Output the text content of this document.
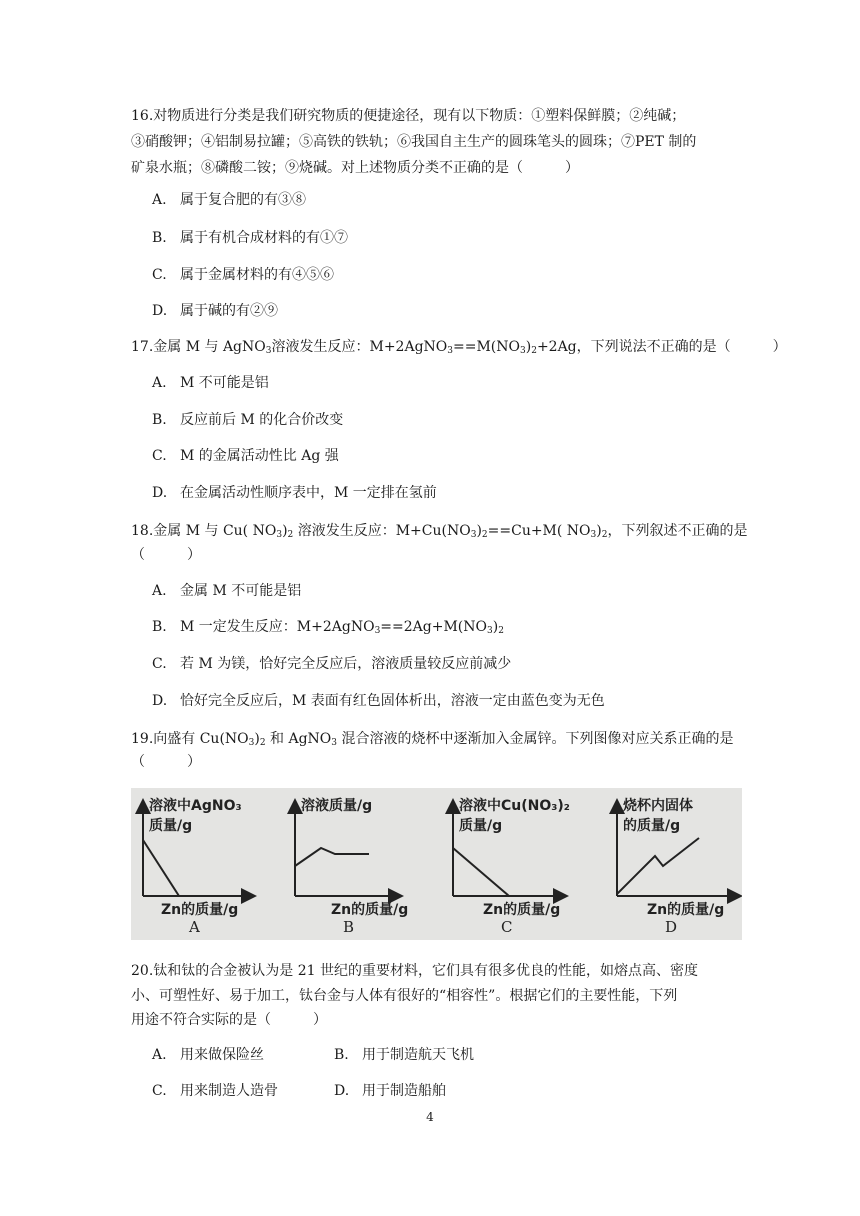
16.对物质进行分类是我们研究物质的便捷途径，现有以下物质：①塑料保鲜膜；②纯碱；
③硝酸钾；④铝制易拉罐；⑤高铁的铁轨；⑥我国自主生产的圆珠笔头的圆珠；⑦PET 制的
矿泉水瓶；⑧磷酸二铵；⑨烧碱。对上述物质分类不正确的是（　　　）
A. 属于复合肥的有③⑧
B. 属于有机合成材料的有①⑦
C. 属于金属材料的有④⑤⑥
D. 属于碱的有②⑨
17.金属 M 与 AgNO$_3$溶液发生反应：$M+2AgNO_3==M(NO_3)_2+2Ag$，下列说法不正确的是（　　　）
A. M 不可能是铝
B. 反应前后 M 的化合价改变
C. M 的金属活动性比 Ag 强
D. 在金属活动性顺序表中，M 一定排在氢前
18.金属 M 与 Cu( $NO_3)_2$ 溶液发生反应：$M+Cu(NO_3)_2==Cu+M$( $NO_3)_2$，下列叙述不正确的是
（　　　）
A. 金属 M 不可能是铝
B. M 一定发生反应：$M+2AgNO_3==2Ag+M(NO_3)_2$
C. 若 M 为镁，恰好完全反应后，溶液质量较反应前减少
D. 恰好完全反应后，M 表面有红色固体析出，溶液一定由蓝色变为无色
19.向盛有 $Cu(NO_3)_2$ 和 AgNO$_3$ 混合溶液的烧杯中逐渐加入金属锌。下列图像对应关系正确的是
（　　　）
溶液中AgNO₃
质量/g
Zn的质量/g
A
溶液质量/g
Zn的质量/g
B
溶液中Cu(NO₃)₂
质量/g
Zn的质量/g
C
烧杯内固体
的质量/g
Zn的质量/g
D
20.钛和钛的合金被认为是 21 世纪的重要材料，它们具有很多优良的性能，如熔点高、密度
小、可塑性好、易于加工，钛台金与人体有很好的“相容性”。根据它们的主要性能，下列
用途不符合实际的是（　　　）
A. 用来做保险丝	B. 用于制造航天飞机
C. 用来制造人造骨	D. 用于制造船舶
4
